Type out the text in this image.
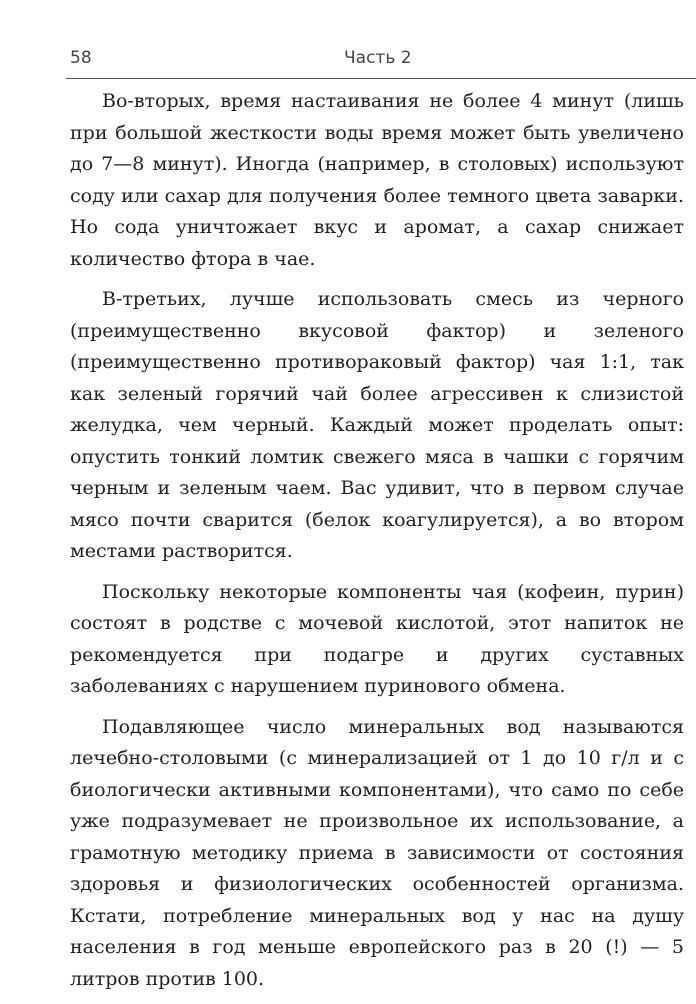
58	Часть 2

Во-вторых, время настаивания не более 4 минут (лишь при большой жесткости воды время может быть увеличено до 7—8 минут). Иногда (например, в столовых) используют соду или сахар для получения более темного цвета заварки. Но сода уничтожает вкус и аромат, а сахар снижает количество фтора в чае.

В-третьих, лучше использовать смесь из черного (преимущественно вкусовой фактор) и зеленого (преимущественно противораковый фактор) чая 1:1, так как зеленый горячий чай более агрессивен к слизистой желудка, чем черный. Каждый может проделать опыт: опустить тонкий ломтик свежего мяса в чашки с горячим черным и зеленым чаем. Вас удивит, что в первом случае мясо почти сварится (белок коагулируется), а во втором местами растворится.

Поскольку некоторые компоненты чая (кофеин, пурин) состоят в родстве с мочевой кислотой, этот напиток не рекомендуется при подагре и других суставных заболеваниях с нарушением пуринового обмена.

Подавляющее число минеральных вод называются лечебно-столовыми (с минерализацией от 1 до 10 г/л и с биологически активными компонентами), что само по себе уже подразумевает не произвольное их использование, а грамотную методику приема в зависимости от состояния здоровья и физиологических особенностей организма. Кстати, потребление минеральных вод у нас на душу населения в год меньше европейского раз в 20 (!) — 5 литров против 100.
